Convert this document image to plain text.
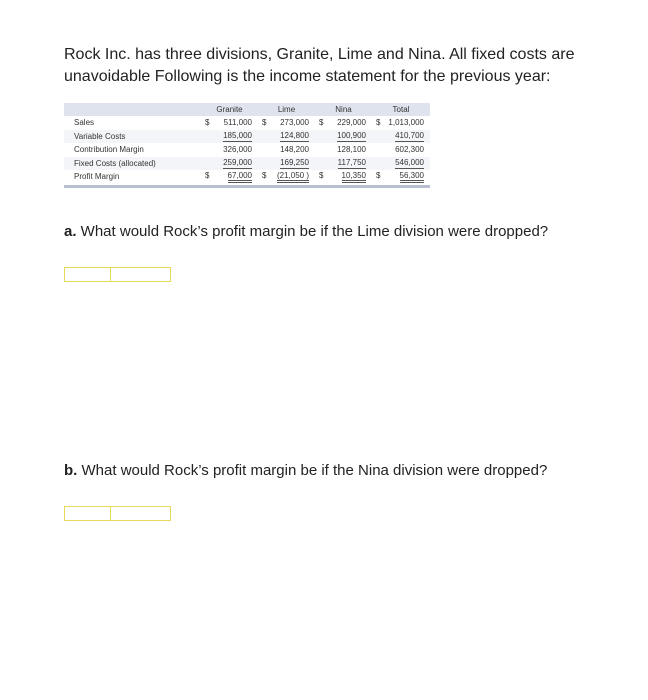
Rock Inc. has three divisions, Granite, Lime and Nina. All fixed costs are

unavoidable Following is the income statement for the previous year:

	Granite	Lime	Nina	Total
Sales	$ 511,000	$ 273,000	$ 229,000	$ 1,013,000
Variable Costs	185,000	124,800	100,900	410,700
Contribution Margin	326,000	148,200	128,100	602,300
Fixed Costs (allocated)	259,000	169,250	117,750	546,000
Profit Margin	$ 67,000	$ (21,050 )	$ 10,350	$ 56,300
a. What would Rock’s profit margin be if the Lime division were dropped?
b. What would Rock’s profit margin be if the Nina division were dropped?
